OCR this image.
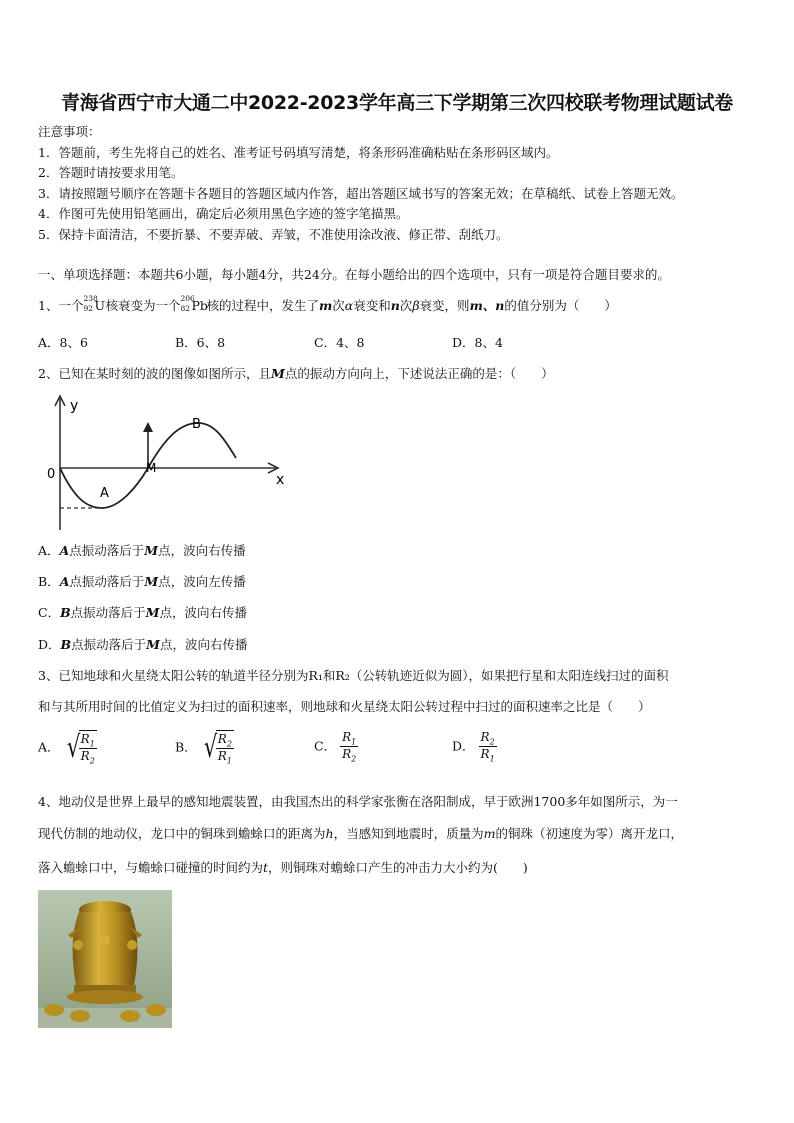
青海省西宁市大通二中2022-2023学年高三下学期第三次四校联考物理试题试卷
注意事项：
1．答题前，考生先将自己的姓名、准考证号码填写清楚，将条形码准确粘贴在条形码区域内。
2．答题时请按要求用笔。
3．请按照题号顺序在答题卡各题目的答题区域内作答，超出答题区域书写的答案无效；在草稿纸、试卷上答题无效。
4．作图可先使用铅笔画出，确定后必须用黑色字迹的签字笔描黑。
5．保持卡面清洁，不要折暴、不要弄破、弄皱，不准使用涂改液、修正带、刮纸刀。
一、单项选择题：本题共6小题，每小题4分，共24分。在每小题给出的四个选项中，只有一项是符合题目要求的。
1、一个 238
92 U 核衰变为一个 206
82 Pb
核的过程中，发生了m次α衰变和n次β衰变，则m、n的值分别为（　　）
A．8、6	B．6、8	C．4、8	D．8、4
2、已知在某时刻的波的图像如图所示，且M点的振动方向向上，下述说法正确的是：（　　）
y
x
0
A
B
M
A．A点振动落后于M点，波向右传播
B．A点振动落后于M点，波向左传播
C．B点振动落后于M点，波向右传播
D．B点振动落后于M点，波向右传播
3、已知地球和火星绕太阳公转的轨道半径分别为R₁和R₂（公转轨迹近似为圆），如果把行星和太阳连线扫过的面积
和与其所用时间的比值定义为扫过的面积速率，则地球和火星绕太阳公转过程中扫过的面积速率之比是（　　）
A． √
$\frac{R_1}{R_2}$	B． √
$\frac{R_2}{R_1}$	C． $\frac{R_1}{R_2}$	D． $\frac{R_2}{R_1}$
4、地动仪是世界上最早的感知地震装置，由我国杰出的科学家张衡在洛阳制成，早于欧洲1700多年如图所示，为一
现代仿制的地动仪，龙口中的铜珠到蟾蜍口的距离为h，当感知到地震时，质量为m的铜珠（初速度为零）离开龙口，
落入蟾蜍口中，与蟾蜍口碰撞的时间约为t，则铜珠对蟾蜍口产生的冲击力大小约为(　　)
